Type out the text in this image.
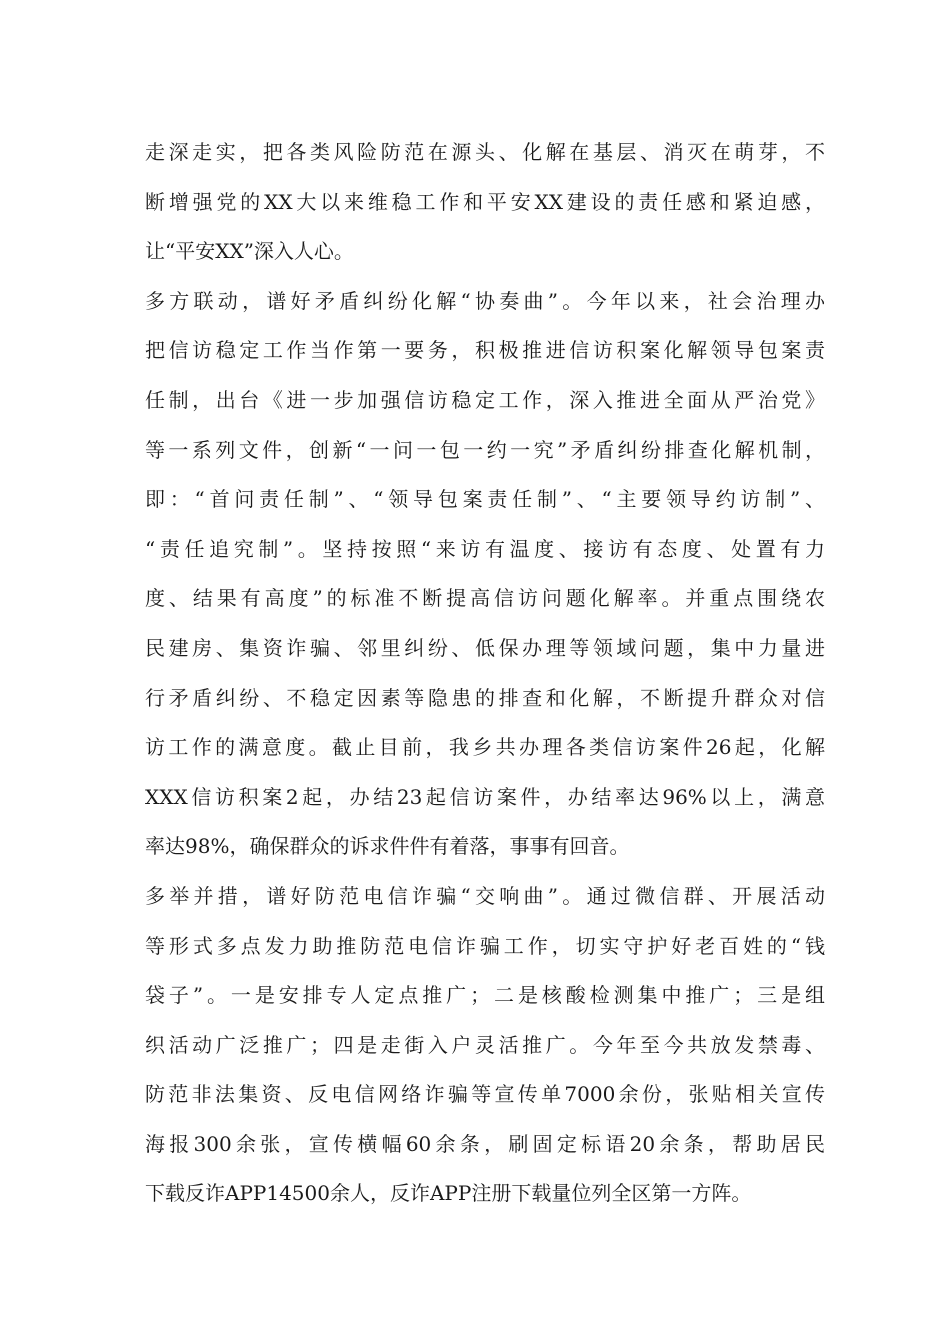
走深走实，把各类风险防范在源头、化解在基层、消灭在萌芽，不
断增强党的XX大以来维稳工作和平安XX建设的责任感和紧迫感，
让“平安XX”深入人心。
多方联动，谱好矛盾纠纷化解“协奏曲”。今年以来，社会治理办
把信访稳定工作当作第一要务，积极推进信访积案化解领导包案责
任制，出台《进一步加强信访稳定工作，深入推进全面从严治党》
等一系列文件，创新“一问一包一约一究”矛盾纠纷排查化解机制，
即：“首问责任制”、“领导包案责任制”、“主要领导约访制”、
“责任追究制”。坚持按照“来访有温度、接访有态度、处置有力
度、结果有高度”的标准不断提高信访问题化解率。并重点围绕农
民建房、集资诈骗、邻里纠纷、低保办理等领域问题，集中力量进
行矛盾纠纷、不稳定因素等隐患的排查和化解，不断提升群众对信
访工作的满意度。截止目前，我乡共办理各类信访案件26起，化解
XXX信访积案2起，办结23起信访案件，办结率达96%以上，满意
率达98%，确保群众的诉求件件有着落，事事有回音。
多举并措，谱好防范电信诈骗“交响曲”。通过微信群、开展活动
等形式多点发力助推防范电信诈骗工作，切实守护好老百姓的“钱
袋子”。一是安排专人定点推广；二是核酸检测集中推广；三是组
织活动广泛推广；四是走街入户灵活推广。今年至今共放发禁毒、
防范非法集资、反电信网络诈骗等宣传单7000余份，张贴相关宣传
海报300余张，宣传横幅60余条，刷固定标语20余条，帮助居民
下载反诈APP14500余人，反诈APP注册下载量位列全区第一方阵。
